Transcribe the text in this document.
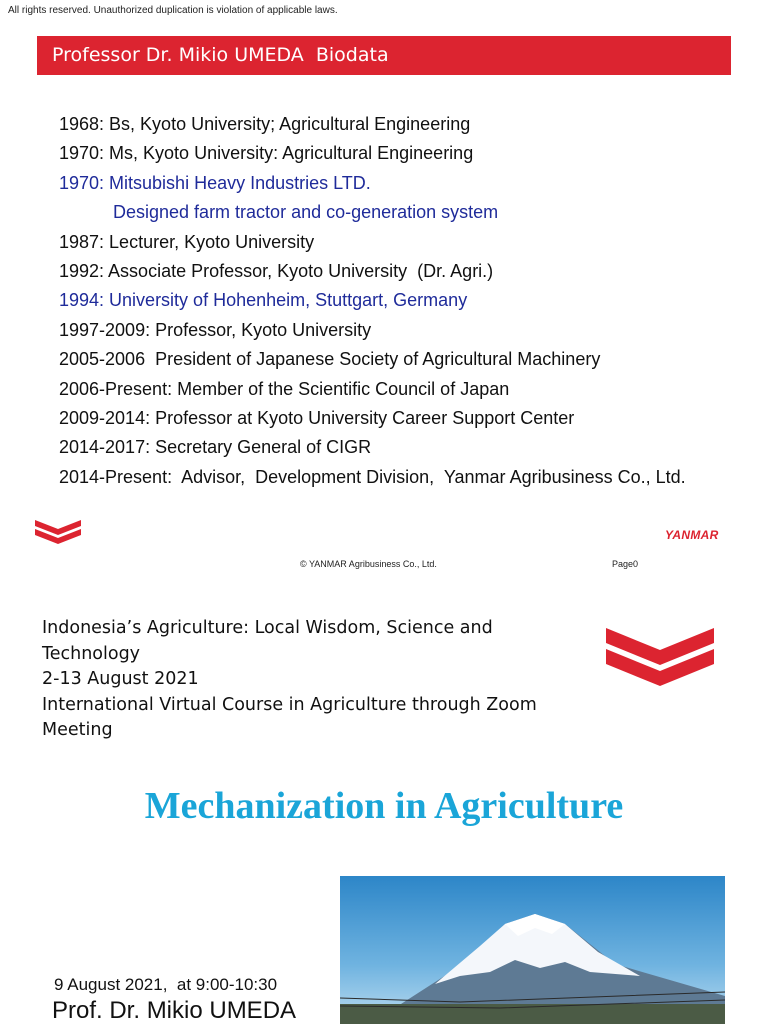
All rights reserved. Unauthorized duplication is violation of applicable laws.
Professor Dr. Mikio UMEDA  Biodata
1968: Bs, Kyoto University; Agricultural Engineering
1970: Ms, Kyoto University: Agricultural Engineering
1970: Mitsubishi Heavy Industries LTD.
Designed farm tractor and co-generation system
1987: Lecturer, Kyoto University
1992: Associate Professor, Kyoto University  (Dr. Agri.)
1994: University of Hohenheim, Stuttgart, Germany
1997-2009: Professor, Kyoto University
2005-2006  President of Japanese Society of Agricultural Machinery
2006-Present: Member of the Scientific Council of Japan
2009-2014: Professor at Kyoto University Career Support Center
2014-2017: Secretary General of CIGR
2014-Present:  Advisor,  Development Division,  Yanmar Agribusiness Co., Ltd.
YANMAR
© YANMAR Agribusiness Co., Ltd.	Page0
Indonesia’s Agriculture: Local Wisdom, Science and
Technology
2-13 August 2021
International Virtual Course in Agriculture through Zoom
Meeting
Mechanization in Agriculture
9 August 2021,  at 9:00-10:30
Prof. Dr. Mikio UMEDA
